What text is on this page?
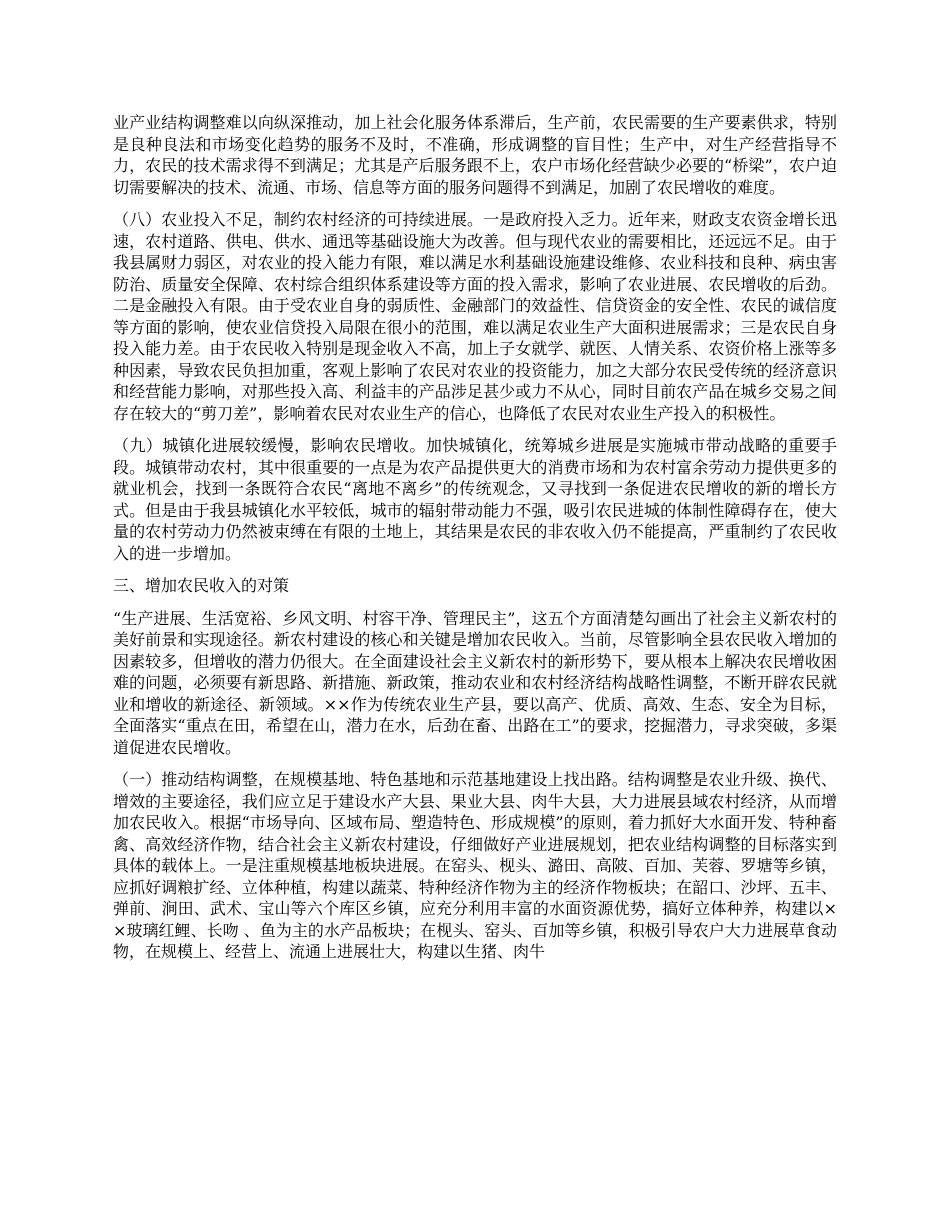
业产业结构调整难以向纵深推动，加上社会化服务体系滞后，生产前，农民需要的生产要素供求，特别是良种良法和市场变化趋势的服务不及时，不准确，形成调整的盲目性；生产中，对生产经营指导不力，农民的技术需求得不到满足；尤其是产后服务跟不上，农户市场化经营缺少必要的“桥梁”，农户迫切需要解决的技术、流通、市场、信息等方面的服务问题得不到满足，加剧了农民增收的难度。

（八）农业投入不足，制约农村经济的可持续进展。一是政府投入乏力。近年来，财政支农资金增长迅速，农村道路、供电、供水、通迅等基础设施大为改善。但与现代农业的需要相比，还远远不足。由于我县属财力弱区，对农业的投入能力有限，难以满足水利基础设施建设维修、农业科技和良种、病虫害防治、质量安全保障、农村综合组织体系建设等方面的投入需求，影响了农业进展、农民增收的后劲。二是金融投入有限。由于受农业自身的弱质性、金融部门的效益性、信贷资金的安全性、农民的诚信度等方面的影响，使农业信贷投入局限在很小的范围，难以满足农业生产大面积进展需求；三是农民自身投入能力差。由于农民收入特别是现金收入不高，加上子女就学、就医、人情关系、农资价格上涨等多种因素，导致农民负担加重，客观上影响了农民对农业的投资能力，加之大部分农民受传统的经济意识和经营能力影响，对那些投入高、利益丰的产品涉足甚少或力不从心，同时目前农产品在城乡交易之间存在较大的“剪刀差”，影响着农民对农业生产的信心，也降低了农民对农业生产投入的积极性。

（九）城镇化进展较缓慢，影响农民增收。加快城镇化，统筹城乡进展是实施城市带动战略的重要手段。城镇带动农村，其中很重要的一点是为农产品提供更大的消费市场和为农村富余劳动力提供更多的就业机会，找到一条既符合农民“离地不离乡”的传统观念，又寻找到一条促进农民增收的新的增长方式。但是由于我县城镇化水平较低，城市的辐射带动能力不强，吸引农民进城的体制性障碍存在，使大量的农村劳动力仍然被束缚在有限的土地上，其结果是农民的非农收入仍不能提高，严重制约了农民收入的进一步增加。

三、增加农民收入的对策

“生产进展、生活宽裕、乡风文明、村容干净、管理民主”，这五个方面清楚勾画出了社会主义新农村的美好前景和实现途径。新农村建设的核心和关键是增加农民收入。当前，尽管影响全县农民收入增加的因素较多，但增收的潜力仍很大。在全面建设社会主义新农村的新形势下，要从根本上解决农民增收困难的问题，必须要有新思路、新措施、新政策，推动农业和农村经济结构战略性调整，不断开辟农民就业和增收的新途径、新领域。××作为传统农业生产县，要以高产、优质、高效、生态、安全为目标，全面落实“重点在田，希望在山，潜力在水，后劲在畜、出路在工”的要求，挖掘潜力，寻求突破，多渠道促进农民增收。

（一）推动结构调整，在规模基地、特色基地和示范基地建设上找出路。结构调整是农业升级、换代、增效的主要途径，我们应立足于建设水产大县、果业大县、肉牛大县，大力进展县域农村经济，从而增加农民收入。根据“市场导向、区域布局、塑造特色、形成规模”的原则，着力抓好大水面开发、特种畜禽、高效经济作物，结合社会主义新农村建设，仔细做好产业进展规划，把农业结构调整的目标落实到具体的载体上。一是注重规模基地板块进展。在窑头、枧头、潞田、高陂、百加、芙蓉、罗塘等乡镇，应抓好调粮扩经、立体种植，构建以蔬菜、特种经济作物为主的经济作物板块；在韶口、沙坪、五丰、弹前、涧田、武术、宝山等六个库区乡镇，应充分利用丰富的水面资源优势，搞好立体种养，构建以××玻璃红鲤、长吻 、鱼为主的水产品板块；在枧头、窑头、百加等乡镇，积极引导农户大力进展草食动物，在规模上、经营上、流通上进展壮大，构建以生猪、肉牛
